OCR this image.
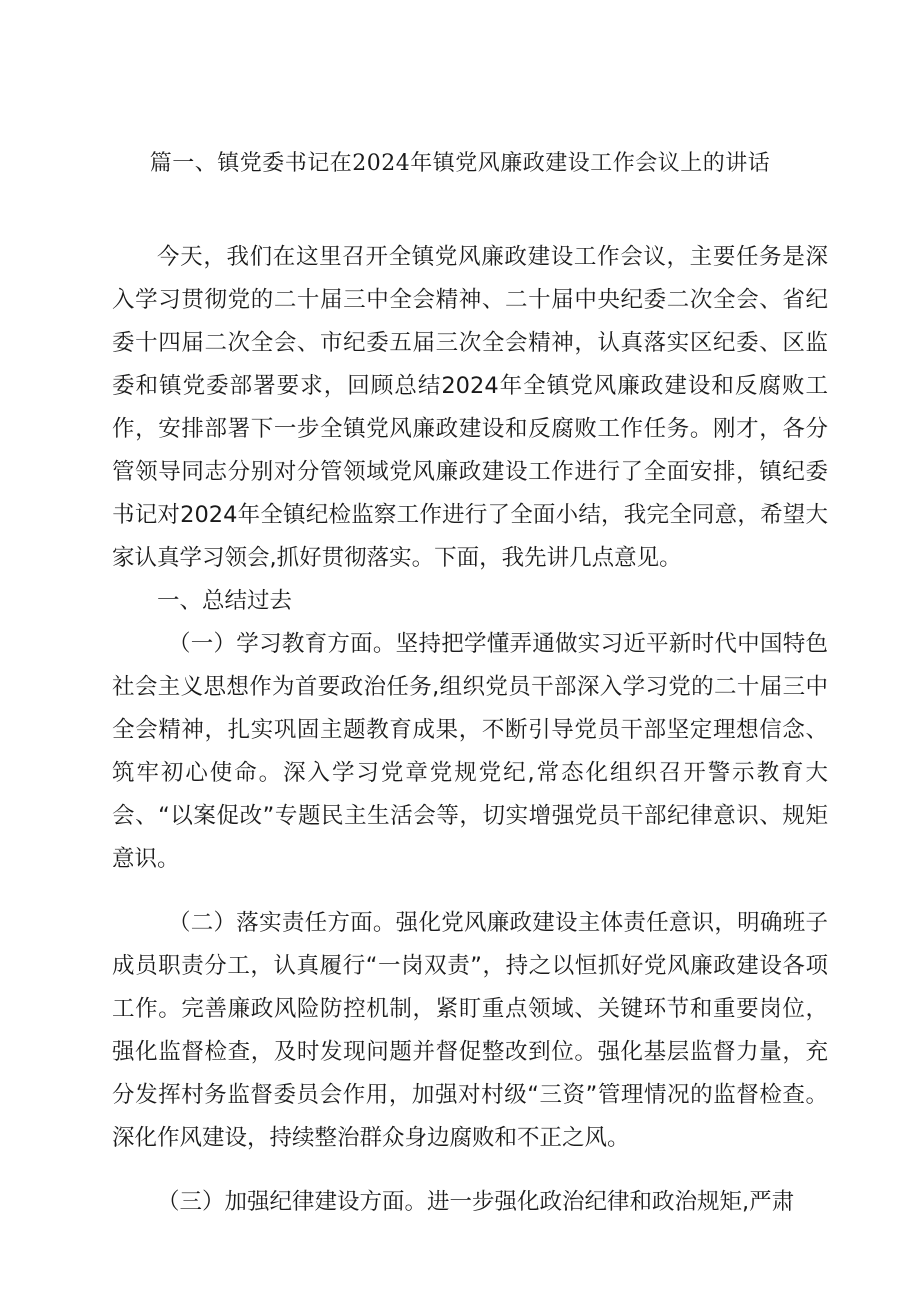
篇一、镇党委书记在2024年镇党风廉政建设工作会议上的讲话

今天，我们在这里召开全镇党风廉政建设工作会议，主要任务是深入学习贯彻党的二十届三中全会精神、二十届中央纪委二次全会、省纪委十四届二次全会、市纪委五届三次全会精神，认真落实区纪委、区监委和镇党委部署要求，回顾总结2024年全镇党风廉政建设和反腐败工作，安排部署下一步全镇党风廉政建设和反腐败工作任务。刚才，各分管领导同志分别对分管领域党风廉政建设工作进行了全面安排，镇纪委书记对2024年全镇纪检监察工作进行了全面小结，我完全同意，希望大家认真学习领会,抓好贯彻落实。下面，我先讲几点意见。

一、总结过去

（一）学习教育方面。坚持把学懂弄通做实习近平新时代中国特色社会主义思想作为首要政治任务,组织党员干部深入学习党的二十届三中全会精神，扎实巩固主题教育成果，不断引导党员干部坚定理想信念、筑牢初心使命。深入学习党章党规党纪,常态化组织召开警示教育大会、“以案促改”专题民主生活会等，切实增强党员干部纪律意识、规矩意识。

（二）落实责任方面。强化党风廉政建设主体责任意识，明确班子成员职责分工，认真履行“一岗双责”，持之以恒抓好党风廉政建设各项工作。完善廉政风险防控机制，紧盯重点领域、关键环节和重要岗位，强化监督检查，及时发现问题并督促整改到位。强化基层监督力量，充分发挥村务监督委员会作用，加强对村级“三资”管理情况的监督检查。深化作风建设，持续整治群众身边腐败和不正之风。

（三）加强纪律建设方面。进一步强化政治纪律和政治规矩,严肃
